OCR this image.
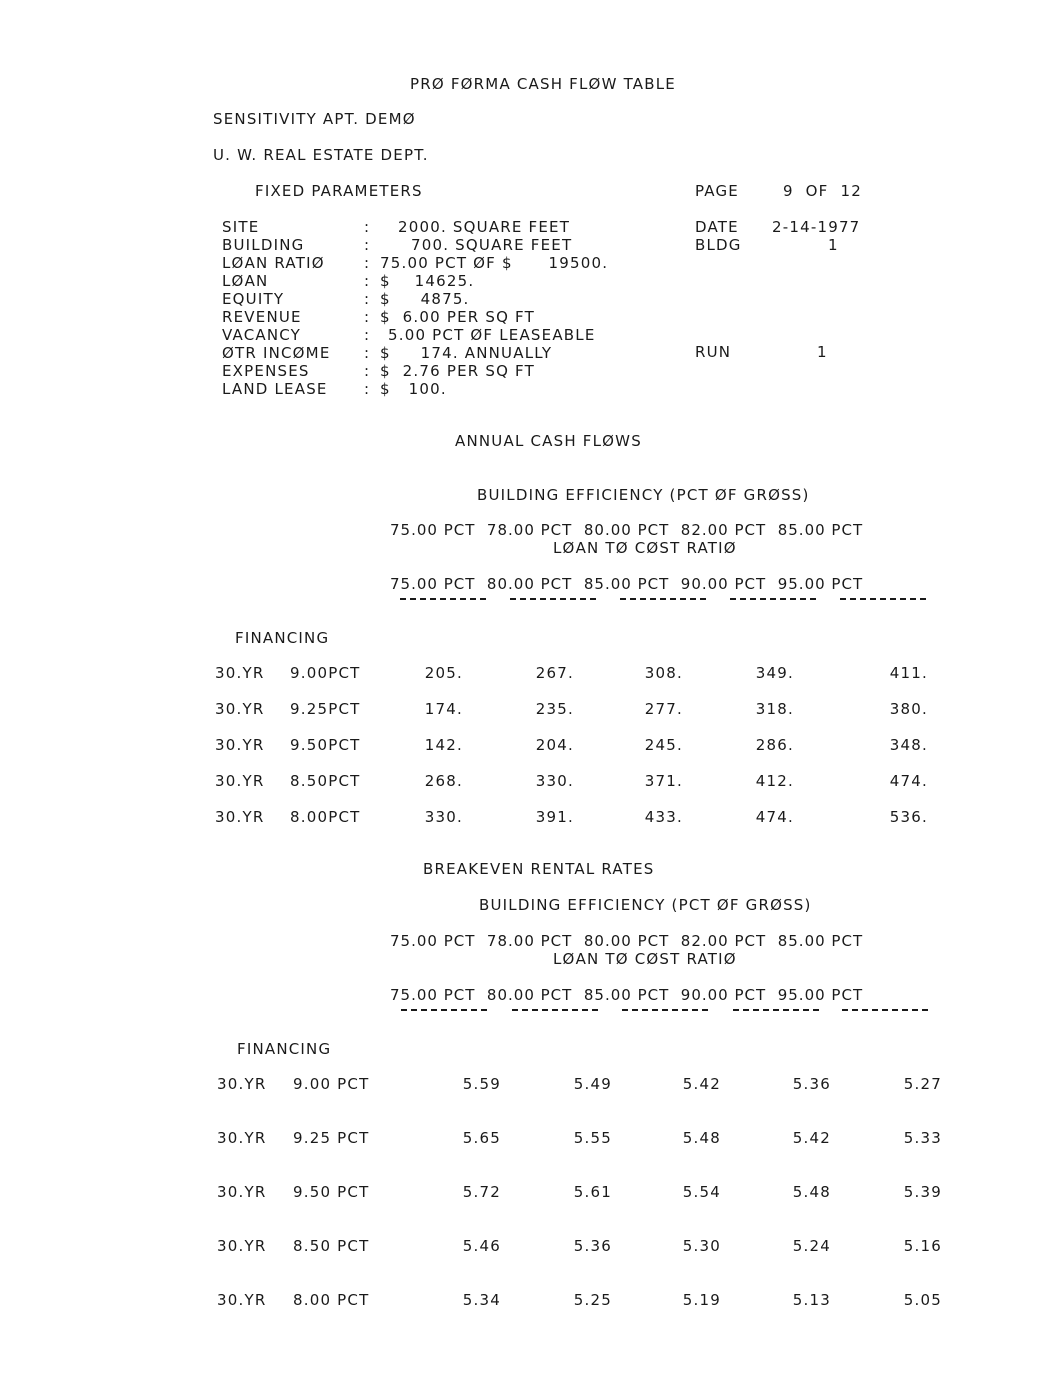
PRØ FØRMA CASH FLØW TABLE
SENSITIVITY APT. DEMØ
U. W. REAL ESTATE DEPT.
FIXED PARAMETERS	PAGE	9  OF  12
SITE	: 2000. SQUARE FEET
BUILDING	:	700. SQUARE FEET
LØAN RATIØ	: 75.00 PCT ØF $      19500.
LØAN	: $    14625.
EQUITY	: $     4875.
REVENUE	: $  6.00 PER SQ FT
VACANCY	: 5.00 PCT ØF LEASEABLE
ØTR INCØME : $     174. ANNUALLY
EXPENSES	: $  2.76 PER SQ FT
LAND LEASE : $   100.
DATE 2-14-1977
BLDG	1
RUN	1
ANNUAL CASH FLØWS
BUILDING EFFICIENCY (PCT ØF GRØSS)
75.00 PCT  78.00 PCT  80.00 PCT  82.00 PCT  85.00 PCT
LØAN TØ CØST RATIØ
75.00 PCT  80.00 PCT  85.00 PCT  90.00 PCT  95.00 PCT
FINANCING
30.YR 9.00PCT	205.	267.	308.	349.	411.
30.YR 9.25PCT	174.	235.	277.	318.	380.
30.YR 9.50PCT	142.	204.	245.	286.	348.
30.YR 8.50PCT	268.	330.	371.	412.	474.
30.YR 8.00PCT	330.	391.	433.	474.	536.
BREAKEVEN RENTAL RATES
BUILDING EFFICIENCY (PCT ØF GRØSS)
75.00 PCT  78.00 PCT  80.00 PCT  82.00 PCT  85.00 PCT
LØAN TØ CØST RATIØ
75.00 PCT  80.00 PCT  85.00 PCT  90.00 PCT  95.00 PCT
FINANCING
30.YR 9.00 PCT	5.59	5.49	5.42	5.36	5.27
30.YR 9.25 PCT	5.65	5.55	5.48	5.42	5.33
30.YR 9.50 PCT	5.72	5.61	5.54	5.48	5.39
30.YR 8.50 PCT	5.46	5.36	5.30	5.24	5.16
30.YR 8.00 PCT	5.34	5.25	5.19	5.13	5.05
